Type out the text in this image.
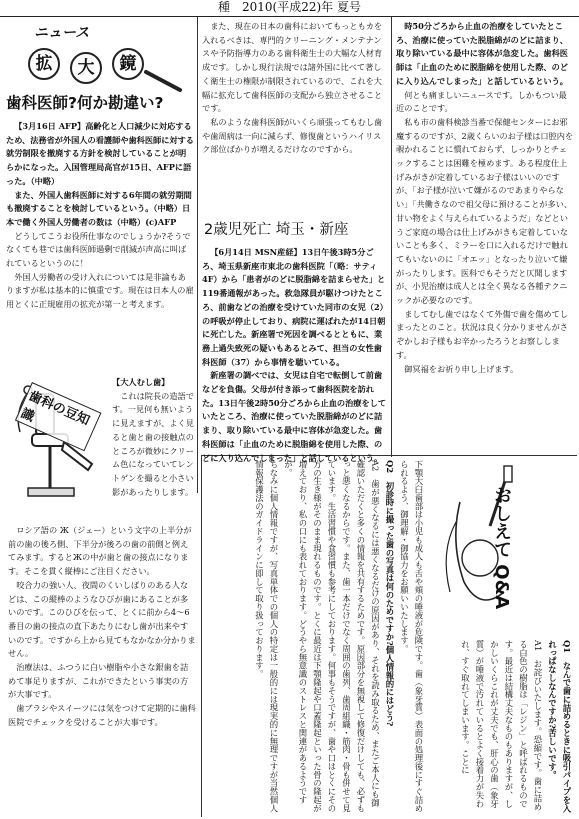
種　2010(平成22)年 夏号
ニュース
拡	大	鏡
歯科医師?何か勘違い?

【3月16日 AFP】高齢化と人口減少に対応するため、法務省が外国人の看護師や歯科医師に対する就労制限を撤廃する方針を検討していることが明らかになった。入国管理局高官が15日、AFPに語った。（中略）

また、外国人歯科医師に対する6年間の就労期間も撤廃することを検討しているという。（中略）日本で働く外国人労働者の数は（中略）(c)AFP

どうしてこうお役所仕事なのでしょうか?そうでなくても巷では歯科医師過剰で削減が声高に叫ばれているというのに！

外国人労働者の受け入れについては是非論もありますが私は基本的に慎重です。現在は日本人の雇用とくに正規雇用の拡充が第一と考えます。

また、現在の日本の歯科においてもっともカを入れるべきは、専門的クリーニング・メンテナンスや予防指導力のある歯科衛生士の大幅な人材育成です。しかし現行法規では諸外国に比べて著しく衛生士の権限が制限されているので、これを大幅に拡充して歯科医師の支配から独立させることです。

私のような歯科医師がいくら頑張ってもむし歯や歯周病は一向に減らず、修復歯というハイリスク部位ばかりが増えるだけなのですから。

2歳児死亡 埼玉・新座

【6月14日 MSN産経】13日午後3時5分ごろ、埼玉県新座市東北の歯科医院「（略：サティ4F）から「患者がのどに脱脂綿を詰まらせた」と119番通報があった。救急隊員が駆けつけたところ、前歯などの治療を受けていた同市の女児（2）の呼吸が停止しており、病院に運ばれたが14日朝に死亡した。新座署で死因を調べるとともに、業務上過失致死の疑いもあるとみて、担当の女性歯科医師（37）から事情を聴いている。

新座署の調べでは、女児は自宅で転倒して前歯などを負傷。父母が付き添って歯科医院を訪れた。13日午後2時50分ごろから止血の治療をしていたところ、治療に使っていた脱脂綿がのどに詰まり、取り除いている最中に容体が急変した。歯科医師は「止血のために脱脂綿を使用した際、のどに入り込んでしまった」と話しているという。

時50分ごろから止血の治療をしていたところ、治療に使っていた脱脂綿がのどに詰まり、取り除いている最中に容体が急変した。歯科医師は「止血のために脱脂綿を使用した際、のどに入り込んでしまった」と話しているという。

何とも痛ましいニュースです。しかもつい最近のことです。

私も市の歯科検診当番で保健センターにお邪魔するのですが、2歳くらいのお子様は口腔内を覗かれることに慣れておらず、しっかりとチェックすることは困難を極めます。ある程度仕上げみがきが定着しているお子様はいいのですが、「お子様が泣いて嫌がるのであまりやらない」「共働きなので祖父母に預けることが多い、甘い物をよく与えられているようだ」などというご家庭の場合は仕上げみがきも定着していないことも多く、ミラーを口に入れるだけで触れてもいないのに「オエッ」となったり泣いて嫌がったりします。医科でもそうだと仄聞しますが、小児治療は成人とは全く異なる各種テクニックが必要なのです。

ましてむし歯ではなくて外傷で歯を傷めてしまったとのこと。状況は良く分かりませんがさぞかしお子様もお辛かったろうとお察しします。

御冥福をお祈り申し上げます。

歯科の豆知識

【大人むし歯】

これは院長の造語です。一見何も無いように見えますが、よく見ると歯と歯の接触点のところが微妙にクリーム色になっていてレントゲンを撮ると小さい影があったりします。

ロシア語の Ж（ジェー）という文字の上半分が前の歯の後ろ側、下半分が後ろの歯の前側と例えてみます。するとЖの中が歯と歯の接点になります。そこを貫く縦棒にご注目ください。

咬合力の強い人、夜間のくいしばりのある人などは、この縦棒のようなひびが歯にあることが多いのです。このひびを伝って、とくに前から4～6番目の歯の接点の直下あたりにむし歯が出来やすいのです。ですから上から見てもなかなか分かりません。

治療法は、ふつうに白い樹脂や小さな銀歯を詰めて事足りますが、これができたという事実の方が大事です。

歯ブラシやスイーツには気をつけて定期的に歯科医院でチェックを受けることが大事です。

おしえて Q&A

Q1　なんで歯に詰めるときに吸引パイプを入れっぱなしなんですか?苦しいです。

A1　お詫びいたします。恐縮です。歯に詰める白色の樹脂は「レジン」と呼ばれるものです。最近は結構丈夫なものもありますが、しかしいくらこれが丈夫でも、肝心の歯（象牙質）が唾液で汚れているとよく接着力が失われ、すぐ取れてしまいます。ことに

下顎大臼歯部は小児も成人も舌や頬の唾液が危険です。歯（象牙質）表面の処理後にすぐ詰められるよう、御理解・御協力をお願いいたします。

Q2　初診時に撮った歯の写真は何のためですか?個人情報的にはどう?

A2　歯が悪くなるには悪くなるだけの原因があり、それを読み取るため、またご本人にも御確認いただくと多くの情報を共有するためです。原因部分を無視して修復だけしても、必ずもっと悪くなるからです。また、歯一本だけでなく周囲の歯列、歯周組織・筋肉・骨も併せて見ています。生活習慣や食習慣も参考にしております。何事もそうですが、歯や口はとくにその方の生き様がそのまま現れるものです。とくに最近は下顎隆起や口蓋隆起といった骨の隆起が増えており、私の口にも表れております。どうやら無意識のストレスと関連があるようですが。

ちなみに個人情報ですが、写真単体での個人の特定は一般的には現実的に無理ですが当然個人情報保護法のガイドラインに即して取り扱っております。
